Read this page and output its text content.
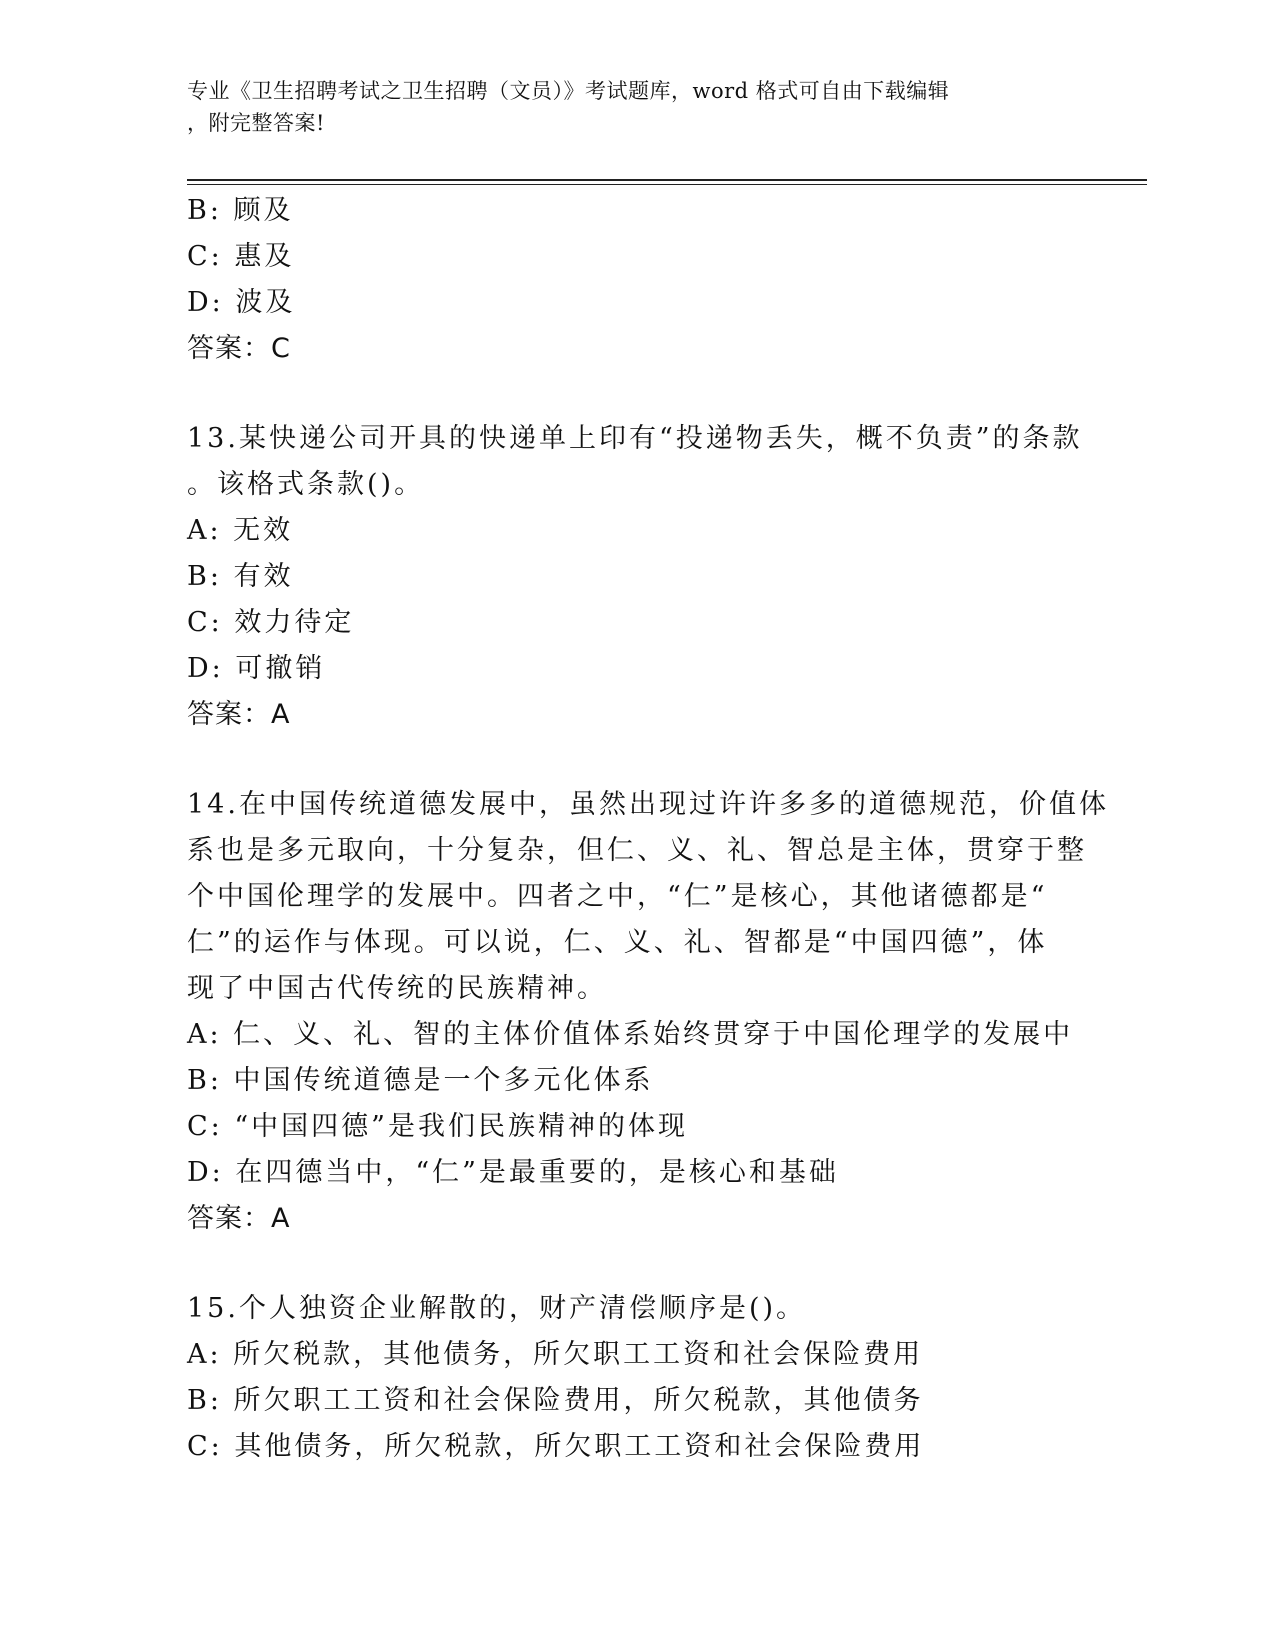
专业《卫生招聘考试之卫生招聘（文员）》考试题库，word 格式可自由下载编辑
，附完整答案!
B: 顾及
C: 惠及
D: 波及
答案：C
13.某快递公司开具的快递单上印有“投递物丢失，概不负责”的条款
。该格式条款()。
A: 无效
B: 有效
C: 效力待定
D: 可撤销
答案：A
14.在中国传统道德发展中，虽然出现过许许多多的道德规范，价值体
系也是多元取向，十分复杂，但仁、义、礼、智总是主体，贯穿于整
个中国伦理学的发展中。四者之中，“仁”是核心，其他诸德都是“
仁”的运作与体现。可以说，仁、义、礼、智都是“中国四德”，体
现了中国古代传统的民族精神。
A: 仁、义、礼、智的主体价值体系始终贯穿于中国伦理学的发展中
B: 中国传统道德是一个多元化体系
C: “中国四德”是我们民族精神的体现
D: 在四德当中，“仁”是最重要的，是核心和基础
答案：A
15.个人独资企业解散的，财产清偿顺序是()。
A: 所欠税款，其他债务，所欠职工工资和社会保险费用
B: 所欠职工工资和社会保险费用，所欠税款，其他债务
C: 其他债务，所欠税款，所欠职工工资和社会保险费用
